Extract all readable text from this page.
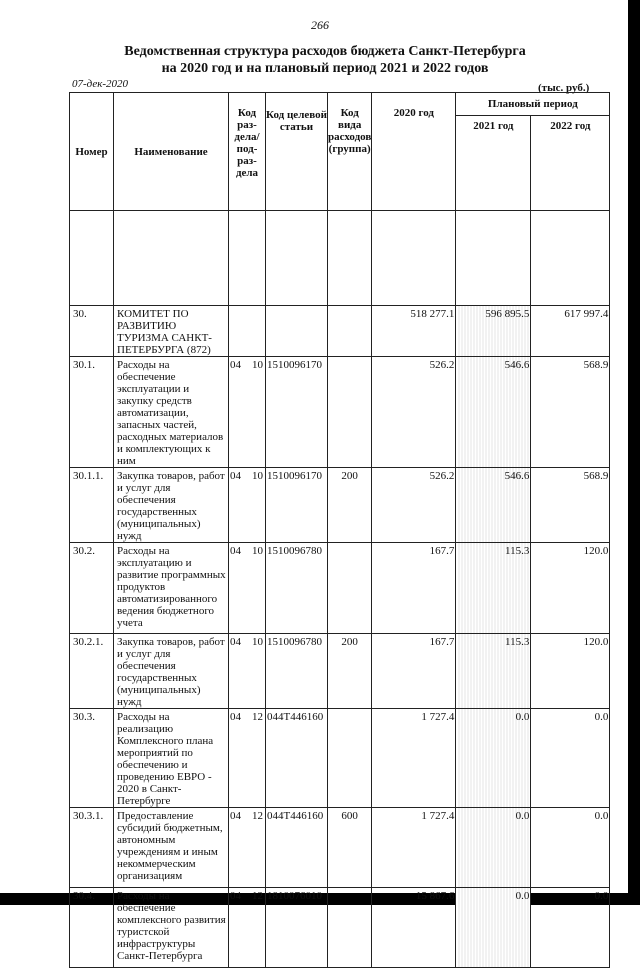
266
Ведомственная структура расходов бюджета Санкт-Петербурга
на 2020 год и на плановый период 2021 и 2022 годов
07-дек-2020	(тыс. руб.)
Номер	Наименование	Код раз- дела/ под- раз- дела	Код целевой статьи	Код вида расходов (группа)	2020 год	Плановый период	
						2021 год	2022 год

30.	КОМИТЕТ ПО РАЗВИТИЮ ТУРИЗМА САНКТ-ПЕТЕРБУРГА (872)				518 277.1	596 895.5	617 997.4
30.1.	Расходы на обеспечение эксплуатации и закупку средств автоматизации, запасных частей, расходных материалов и комплектующих к ним	04 10	1510096170		526.2	546.6	568.9
30.1.1.	Закупка товаров, работ и услуг для обеспечения государственных (муниципальных) нужд	04 10	1510096170	200	526.2	546.6	568.9
30.2.	Расходы на эксплуатацию и развитие программных продуктов автоматизированного ведения бюджетного учета	04 10	1510096780		167.7	115.3	120.0
30.2.1.	Закупка товаров, работ и услуг для обеспечения государственных (муниципальных) нужд	04 10	1510096780	200	167.7	115.3	120.0
30.3.	Расходы на реализацию Комплексного плана мероприятий по обеспечению и проведению ЕВРО - 2020 в Санкт-Петербурге	04 12	044Т446160		1 727.4	0.0	0.0
30.3.1.	Предоставление субсидий бюджетным, автономным учреждениям и иным некоммерческим организациям	04 12	044Т446160	600	1 727.4	0.0	0.0
30.4.	Расходы на обеспечение комплексного развития туристской инфраструктуры Санкт-Петербурга	04 12	1810076010		15 867.6	0.0	0.0
